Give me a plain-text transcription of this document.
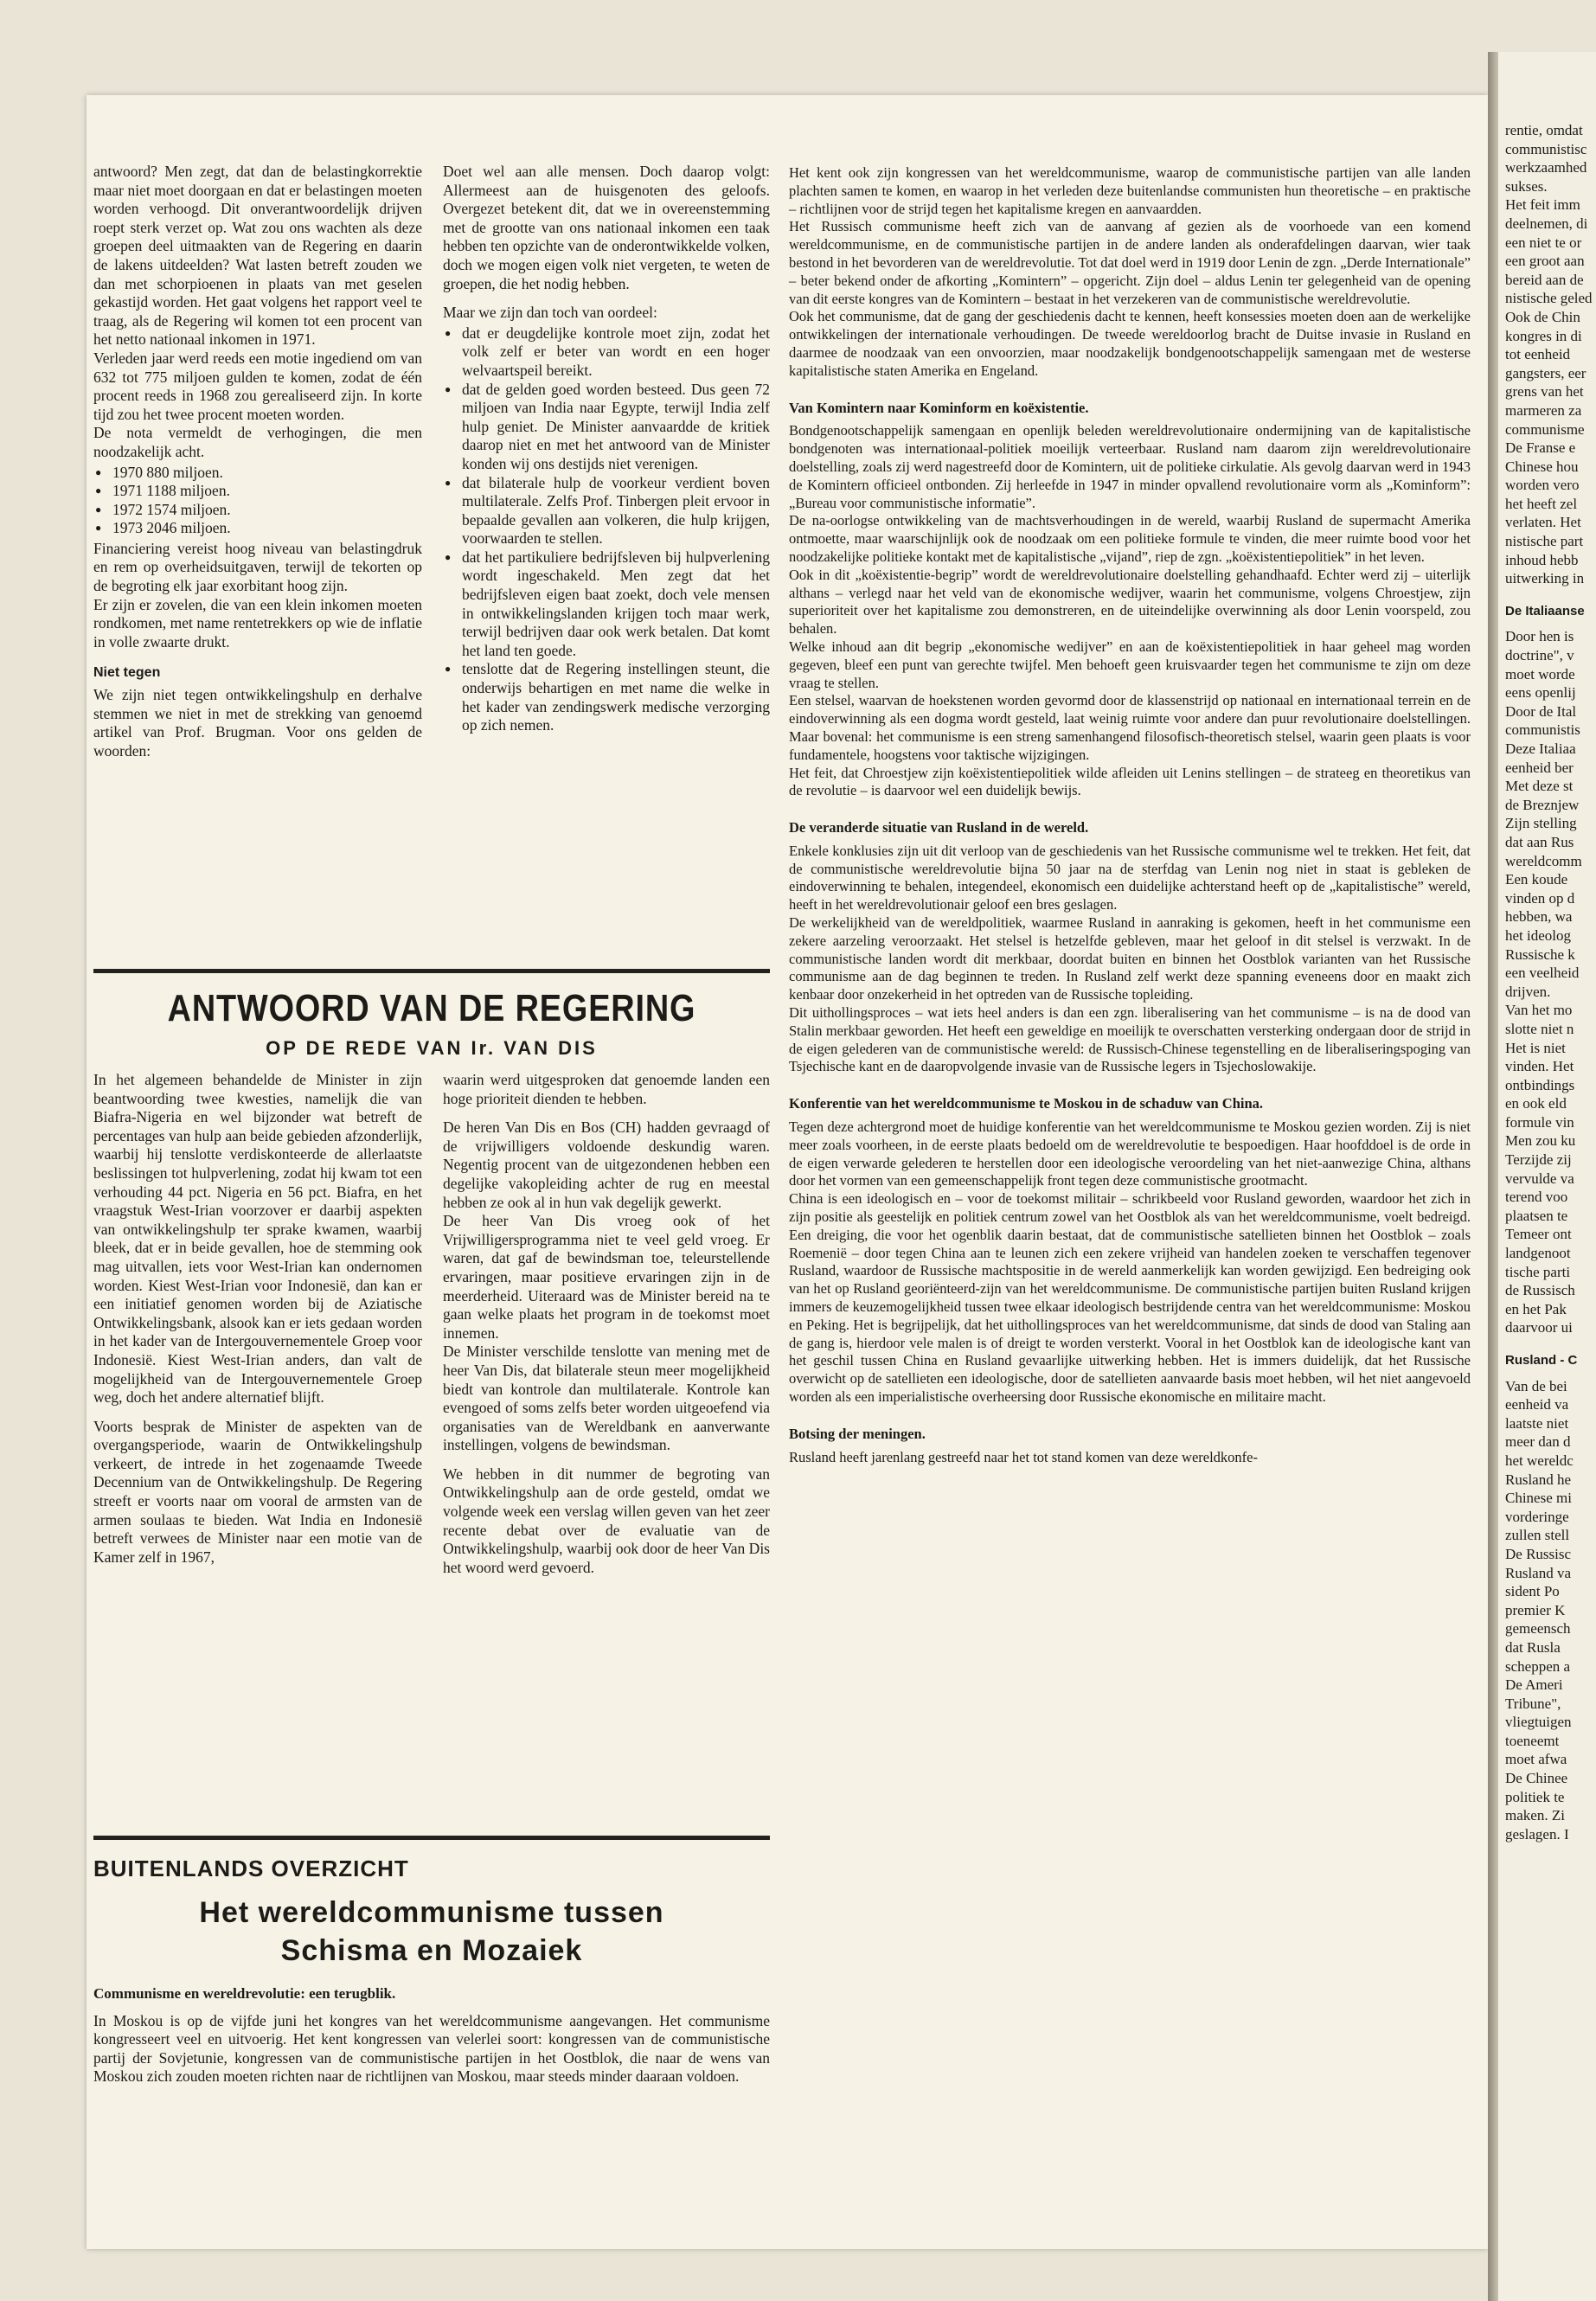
antwoord? Men zegt, dat dan de belastingkorrektie maar niet moet doorgaan en dat er belastingen moeten worden verhoogd. Dit onverantwoordelijk drijven roept sterk verzet op. Wat zou ons wachten als deze groepen deel uitmaakten van de Regering en daarin de lakens uitdeelden? Wat lasten betreft zouden we dan met schorpioenen in plaats van met geselen gekastijd worden. Het gaat volgens het rapport veel te traag, als de Regering wil komen tot een procent van het netto nationaal inkomen in 1971.

Verleden jaar werd reeds een motie ingediend om van 632 tot 775 miljoen gulden te komen, zodat de één procent reeds in 1968 zou gerealiseerd zijn. In korte tijd zou het twee procent moeten worden.

De nota vermeldt de verhogingen, die men noodzakelijk acht.

● 1970 880 miljoen.
● 1971 1188 miljoen.
● 1972 1574 miljoen.
● 1973 2046 miljoen.

Financiering vereist hoog niveau van belastingdruk en rem op overheidsuitgaven, terwijl de tekorten op de begroting elk jaar exorbitant hoog zijn.

Er zijn er zovelen, die van een klein inkomen moeten rondkomen, met name rentetrekkers op wie de inflatie in volle zwaarte drukt.

Niet tegen

We zijn niet tegen ontwikkelingshulp en derhalve stemmen we niet in met de strekking van genoemd artikel van Prof. Brugman. Voor ons gelden de woorden:

Doet wel aan alle mensen. Doch daarop volgt: Allermeest aan de huisgenoten des geloofs. Overgezet betekent dit, dat we in overeenstemming met de grootte van ons nationaal inkomen een taak hebben ten opzichte van de onderontwikkelde volken, doch we mogen eigen volk niet vergeten, te weten de groepen, die het nodig hebben.

Maar we zijn dan toch van oordeel:

● dat er deugdelijke kontrole moet zijn, zodat het volk zelf er beter van wordt en een hoger welvaartspeil bereikt.
● dat de gelden goed worden besteed. Dus geen 72 miljoen van India naar Egypte, terwijl India zelf hulp geniet. De Minister aanvaardde de kritiek daarop niet en met het antwoord van de Minister konden wij ons destijds niet verenigen.
● dat bilaterale hulp de voorkeur verdient boven multilaterale. Zelfs Prof. Tinbergen pleit ervoor in bepaalde gevallen aan volkeren, die hulp krijgen, voorwaarden te stellen.
● dat het partikuliere bedrijfsleven bij hulpverlening wordt ingeschakeld. Men zegt dat het bedrijfsleven eigen baat zoekt, doch vele mensen in ontwikkelingslanden krijgen toch maar werk, terwijl bedrijven daar ook werk betalen. Dat komt het land ten goede.
● tenslotte dat de Regering instellingen steunt, die onderwijs behartigen en met name die welke in het kader van zendingswerk medische verzorging op zich nemen.
ANTWOORD VAN DE REGERING
OP DE REDE VAN Ir. VAN DIS

In het algemeen behandelde de Minister in zijn beantwoording twee kwesties, namelijk die van Biafra-Nigeria en wel bijzonder wat betreft de percentages van hulp aan beide gebieden afzonderlijk, waarbij hij tenslotte verdiskonteerde de allerlaatste beslissingen tot hulpverlening, zodat hij kwam tot een verhouding 44 pct. Nigeria en 56 pct. Biafra, en het vraagstuk West-Irian voorzover er daarbij aspekten van ontwikkelingshulp ter sprake kwamen, waarbij bleek, dat er in beide gevallen, hoe de stemming ook mag uitvallen, iets voor West-Irian kan ondernomen worden. Kiest West-Irian voor Indonesië, dan kan er een initiatief genomen worden bij de Aziatische Ontwikkelingsbank, alsook kan er iets gedaan worden in het kader van de Intergouvernementele Groep voor Indonesië. Kiest West-Irian anders, dan valt de mogelijkheid van de Intergouvernementele Groep weg, doch het andere alternatief blijft.

Voorts besprak de Minister de aspekten van de overgangsperiode, waarin de Ontwikkelingshulp verkeert, de intrede in het zogenaamde Tweede Decennium van de Ontwikkelingshulp. De Regering streeft er voorts naar om vooral de armsten van de armen soulaas te bieden. Wat India en Indonesië betreft verwees de Minister naar een motie van de Kamer zelf in 1967,

waarin werd uitgesproken dat genoemde landen een hoge prioriteit dienden te hebben.

De heren Van Dis en Bos (CH) hadden gevraagd of de vrijwilligers voldoende deskundig waren. Negentig procent van de uitgezondenen hebben een degelijke vakopleiding achter de rug en meestal hebben ze ook al in hun vak degelijk gewerkt.

De heer Van Dis vroeg ook of het Vrijwilligersprogramma niet te veel geld vroeg. Er waren, dat gaf de bewindsman toe, teleurstellende ervaringen, maar positieve ervaringen zijn in de meerderheid. Uiteraard was de Minister bereid na te gaan welke plaats het program in de toekomst moet innemen.

De Minister verschilde tenslotte van mening met de heer Van Dis, dat bilaterale steun meer mogelijkheid biedt van kontrole dan multilaterale. Kontrole kan evengoed of soms zelfs beter worden uitgeoefend via organisaties van de Wereldbank en aanverwante instellingen, volgens de bewindsman.

We hebben in dit nummer de begroting van Ontwikkelingshulp aan de orde gesteld, omdat we volgende week een verslag willen geven van het zeer recente debat over de evaluatie van de Ontwikkelingshulp, waarbij ook door de heer Van Dis het woord werd gevoerd.

BUITENLANDS OVERZICHT
Het wereldcommunisme tussen
Schisma en Mozaiek
Communisme en wereldrevolutie: een terugblik.

In Moskou is op de vijfde juni het kongres van het wereldcommunisme aangevangen. Het communisme kongresseert veel en uitvoerig. Het kent kongressen van velerlei soort: kongressen van de communistische partij der Sovjetunie, kongressen van de communistische partijen in het Oostblok, die naar de wens van Moskou zich zouden moeten richten naar de richtlijnen van Moskou, maar steeds minder daaraan voldoen.

Het kent ook zijn kongressen van het wereldcommunisme, waarop de communistische partijen van alle landen plachten samen te komen, en waarop in het verleden deze buitenlandse communisten hun theoretische – en praktische – richtlijnen voor de strijd tegen het kapitalisme kregen en aanvaardden.

Het Russisch communisme heeft zich van de aanvang af gezien als de voorhoede van een komend wereldcommunisme, en de communistische partijen in de andere landen als onderafdelingen daarvan, wier taak bestond in het bevorderen van de wereldrevolutie. Tot dat doel werd in 1919 door Lenin de zgn. „Derde Internationale” – beter bekend onder de afkorting „Komintern” – opgericht. Zijn doel – aldus Lenin ter gelegenheid van de opening van dit eerste kongres van de Komintern – bestaat in het verzekeren van de communistische wereldrevolutie.

Ook het communisme, dat de gang der geschiedenis dacht te kennen, heeft konsessies moeten doen aan de werkelijke ontwikkelingen der internationale verhoudingen. De tweede wereldoorlog bracht de Duitse invasie in Rusland en daarmee de noodzaak van een onvoorzien, maar noodzakelijk bondgenootschappelijk samengaan met de westerse kapitalistische staten Amerika en Engeland.

Van Komintern naar Kominform en koëxistentie.

Bondgenootschappelijk samengaan en openlijk beleden wereldrevolutionaire ondermijning van de kapitalistische bondgenoten was internationaal-politiek moeilijk verteerbaar. Rusland nam daarom zijn wereldrevolutionaire doelstelling, zoals zij werd nagestreefd door de Komintern, uit de politieke cirkulatie. Als gevolg daarvan werd in 1943 de Komintern officieel ontbonden. Zij herleefde in 1947 in minder opvallend revolutionaire vorm als „Kominform”: „Bureau voor communistische informatie”.

De na-oorlogse ontwikkeling van de machtsverhoudingen in de wereld, waarbij Rusland de supermacht Amerika ontmoette, maar waarschijnlijk ook de noodzaak om een politieke formule te vinden, die meer ruimte bood voor het noodzakelijke politieke kontakt met de kapitalistische „vijand”, riep de zgn. „koëxistentiepolitiek” in het leven.

Ook in dit „koëxistentie-begrip” wordt de wereldrevolutionaire doelstelling gehandhaafd. Echter werd zij – uiterlijk althans – verlegd naar het veld van de ekonomische wedijver, waarin het communisme, volgens Chroestjew, zijn superioriteit over het kapitalisme zou demonstreren, en de uiteindelijke overwinning als door Lenin voorspeld, zou behalen.

Welke inhoud aan dit begrip „ekonomische wedijver” en aan de koëxistentiepolitiek in haar geheel mag worden gegeven, bleef een punt van gerechte twijfel. Men behoeft geen kruisvaarder tegen het communisme te zijn om deze vraag te stellen.

Een stelsel, waarvan de hoekstenen worden gevormd door de klassenstrijd op nationaal en internationaal terrein en de eindoverwinning als een dogma wordt gesteld, laat weinig ruimte voor andere dan puur revolutionaire doelstellingen. Maar bovenal: het communisme is een streng samenhangend filosofisch-theoretisch stelsel, waarin geen plaats is voor fundamentele, hoogstens voor taktische wijzigingen.

Het feit, dat Chroestjew zijn koëxistentiepolitiek wilde afleiden uit Lenins stellingen – de strateeg en theoretikus van de revolutie – is daarvoor wel een duidelijk bewijs.

De veranderde situatie van Rusland in de wereld.

Enkele konklusies zijn uit dit verloop van de geschiedenis van het Russische communisme wel te trekken. Het feit, dat de communistische wereldrevolutie bijna 50 jaar na de sterfdag van Lenin nog niet in staat is gebleken de eindoverwinning te behalen, integendeel, ekonomisch een duidelijke achterstand heeft op de „kapitalistische” wereld, heeft in het wereldrevolutionair geloof een bres geslagen.

De werkelijkheid van de wereldpolitiek, waarmee Rusland in aanraking is gekomen, heeft in het communisme een zekere aarzeling veroorzaakt. Het stelsel is hetzelfde gebleven, maar het geloof in dit stelsel is verzwakt. In de communistische landen wordt dit merkbaar, doordat buiten en binnen het Oostblok varianten van het Russische communisme aan de dag beginnen te treden. In Rusland zelf werkt deze spanning eveneens door en maakt zich kenbaar door onzekerheid in het optreden van de Russische topleiding.

Dit uithollingsproces – wat iets heel anders is dan een zgn. liberalisering van het communisme – is na de dood van Stalin merkbaar geworden. Het heeft een geweldige en moeilijk te overschatten versterking ondergaan door de strijd in de eigen gelederen van de communistische wereld: de Russisch-Chinese tegenstelling en de liberaliseringspoging van Tsjechische kant en de daaropvolgende invasie van de Russische legers in Tsjechoslowakije.

Konferentie van het wereldcommunisme te Moskou in de schaduw van China.

Tegen deze achtergrond moet de huidige konferentie van het wereldcommunisme te Moskou gezien worden. Zij is niet meer zoals voorheen, in de eerste plaats bedoeld om de wereldrevolutie te bespoedigen. Haar hoofddoel is de orde in de eigen verwarde gelederen te herstellen door een ideologische veroordeling van het niet-aanwezige China, althans door het vormen van een gemeenschappelijk front tegen deze communistische grootmacht.

China is een ideologisch en – voor de toekomst militair – schrikbeeld voor Rusland geworden, waardoor het zich in zijn positie als geestelijk en politiek centrum zowel van het Oostblok als van het wereldcommunisme, voelt bedreigd. Een dreiging, die voor het ogenblik daarin bestaat, dat de communistische satellieten binnen het Oostblok – zoals Roemenië – door tegen China aan te leunen zich een zekere vrijheid van handelen zoeken te verschaffen tegenover Rusland, waardoor de Russische machtspositie in de wereld aanmerkelijk kan worden gewijzigd. Een bedreiging ook van het op Rusland georiënteerd-zijn van het wereldcommunisme. De communistische partijen buiten Rusland krijgen immers de keuzemogelijkheid tussen twee elkaar ideologisch bestrijdende centra van het wereldcommunisme: Moskou en Peking. Het is begrijpelijk, dat het uithollingsproces van het wereldcommunisme, dat sinds de dood van Staling aan de gang is, hierdoor vele malen is of dreigt te worden versterkt. Vooral in het Oostblok kan de ideologische kant van het geschil tussen China en Rusland gevaarlijke uitwerking hebben. Het is immers duidelijk, dat het Russische overwicht op de satellieten een ideologische, door de satellieten aanvaarde basis moet hebben, wil het niet aangevoeld worden als een imperialistische overheersing door Russische ekonomische en militaire macht.

Botsing der meningen.

Rusland heeft jarenlang gestreefd naar het tot stand komen van deze wereldkonfe-

rentie, omdat
communistisc
werkzaamhed
sukses.
Het feit imm
deelnemen, di
een niet te or
een groot aan
bereid aan de
nistische geled
Ook de Chin
kongres in di
tot eenheid
gangsters, eer
grens van het
marmeren za
communisme
De Franse e
Chinese hou
worden vero
het heeft zel
verlaten. Het
nistische part
inhoud hebb
uitwerking in
De Italiaanse
Door hen is
doctrine", v
moet worde
eens openlij
Door de Ital
communistis
Deze Italiaa
eenheid ber
Met deze st
de Breznjew
Zijn stelling
dat aan Rus
wereldcomm
Een koude
vinden op d
hebben, wa
het ideolog
Russische k
een veelheid
drijven.
Van het mo
slotte niet n
Het is niet
vinden. Het
ontbindings
en ook eld
formule vin
Men zou ku
Terzijde zij
vervulde va
terend voo
plaatsen te
Temeer ont
landgenoot
tische parti
de Russisch
en het Pak
daarvoor ui
Rusland - C
Van de bei
eenheid va
laatste niet
meer dan d
het wereldc
Rusland he
Chinese mi
vorderinge
zullen stell
De Russisc
Rusland va
sident Po
premier K
gemeensch
dat Rusla
scheppen a
De Ameri
Tribune",
vliegtuigen
toeneemt
moet afwa
De Chinee
politiek te
maken. Zi
geslagen. I
